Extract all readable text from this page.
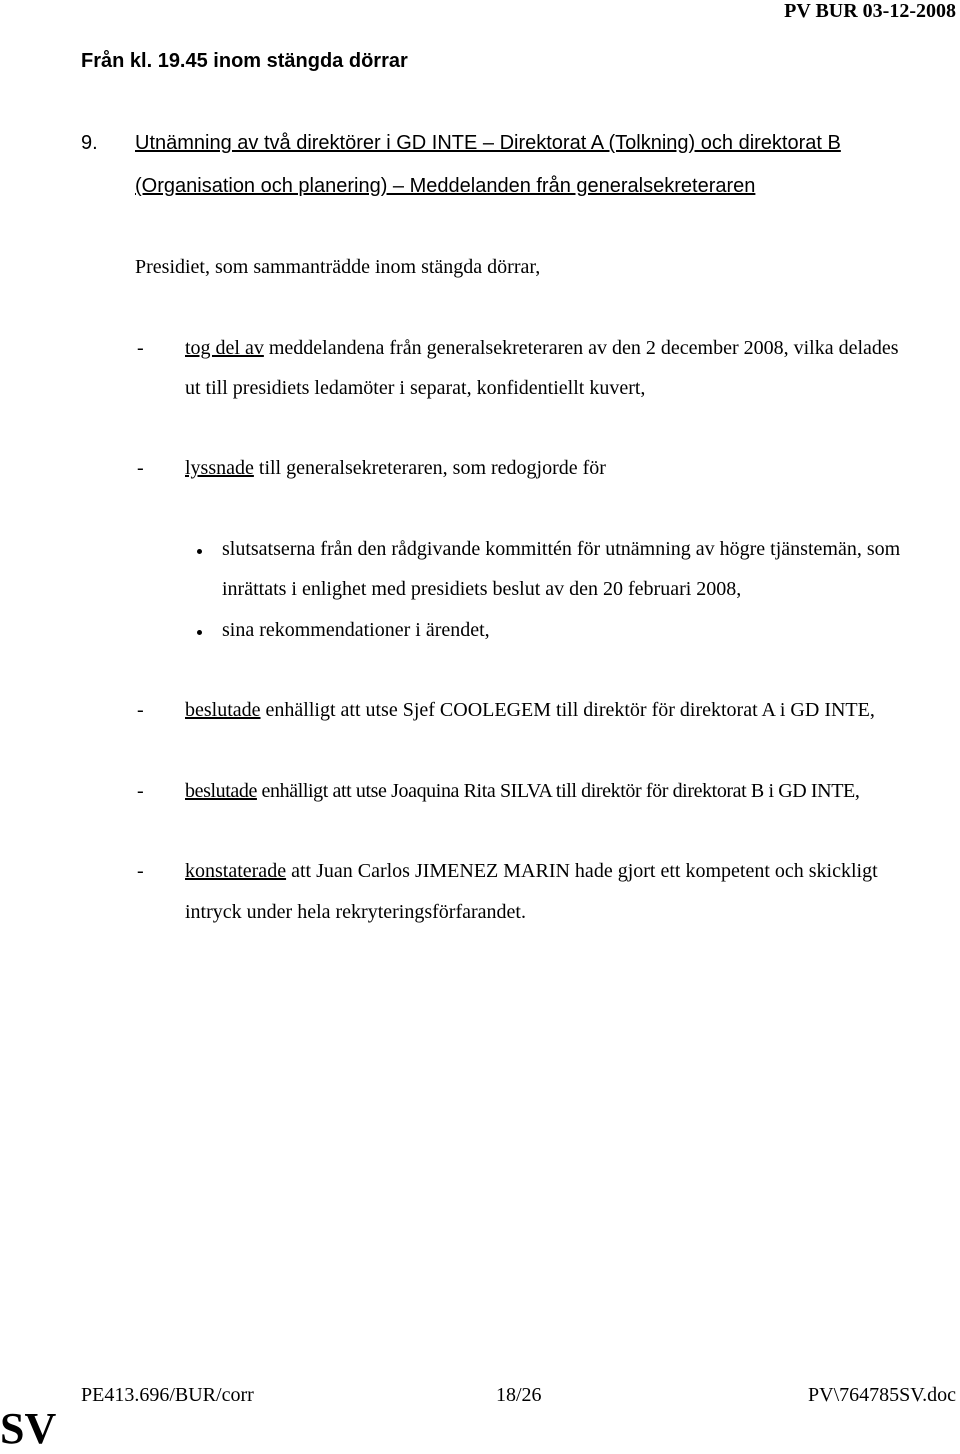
PV BUR 03-12-2008
Från kl. 19.45 inom stängda dörrar
9. Utnämning av två direktörer i GD INTE – Direktorat A (Tolkning) och direktorat B
(Organisation och planering) – Meddelanden från generalsekreteraren
Presidiet, som sammanträdde inom stängda dörrar,
- tog del av meddelandena från generalsekreteraren av den 2 december 2008, vilka delades
ut till presidiets ledamöter i separat, konfidentiellt kuvert,
- lyssnade till generalsekreteraren, som redogjorde för
slutsatserna från den rådgivande kommittén för utnämning av högre tjänstemän, som
inrättats i enlighet med presidiets beslut av den 20 februari 2008,
sina rekommendationer i ärendet,
- beslutade enhälligt att utse Sjef COOLEGEM till direktör för direktorat A i GD INTE,
- beslutade enhälligt att utse Joaquina Rita SILVA till direktör för direktorat B i GD INTE,
- konstaterade att Juan Carlos JIMENEZ MARIN hade gjort ett kompetent och skickligt
intryck under hela rekryteringsförfarandet.
PE413.696/BUR/corr	18/26	PV\764785SV.doc
SV
